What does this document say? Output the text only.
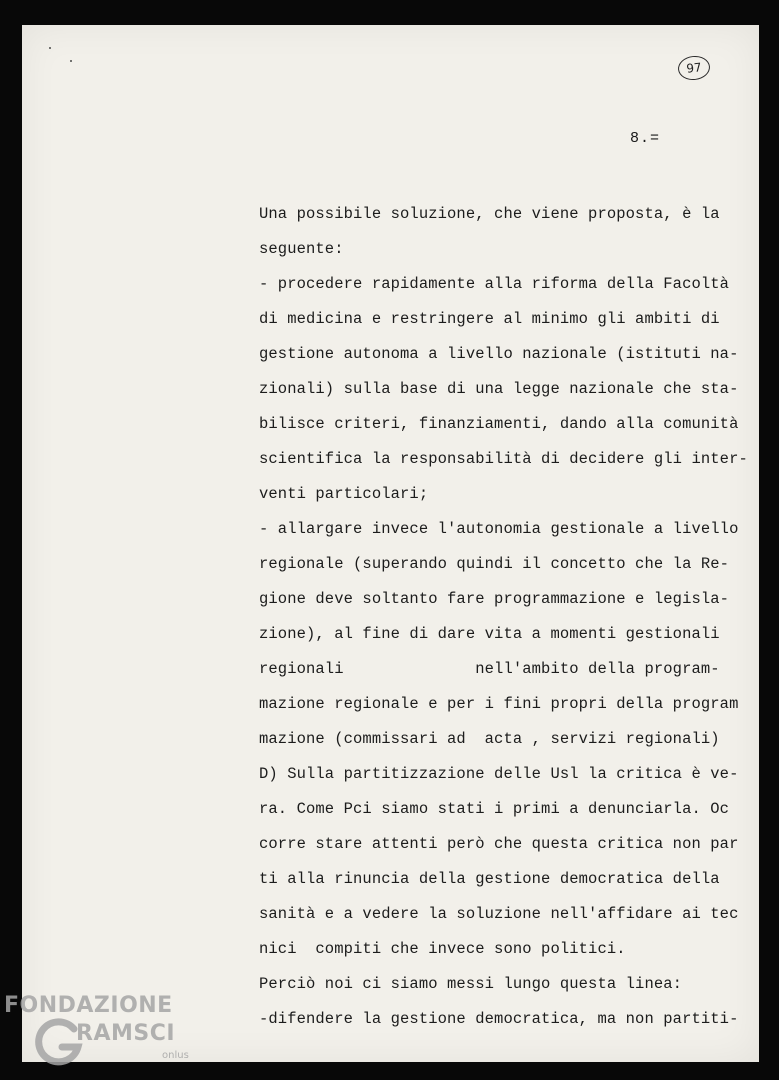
97
8.=
Una possibile soluzione, che viene proposta, è la
seguente:
- procedere rapidamente alla riforma della Facoltà
di medicina e restringere al minimo gli ambiti di
gestione autonoma a livello nazionale (istituti na-
zionali) sulla base di una legge nazionale che sta-
bilisce criteri, finanziamenti, dando alla comunità
scientifica la responsabilità di decidere gli inter-
venti particolari;
- allargare invece l'autonomia gestionale a livello
regionale (superando quindi il concetto che la Re-
gione deve soltanto fare programmazione e legisla-
zione), al fine di dare vita a momenti gestionali
regionali              nell'ambito della program-
mazione regionale e per i fini propri della program
mazione (commissari ad  acta , servizi regionali)
D) Sulla partitizzazione delle Usl la critica è ve-
ra. Come Pci siamo stati i primi a denunciarla. Oc
corre stare attenti però che questa critica non par
ti alla rinuncia della gestione democratica della
sanità e a vedere la soluzione nell'affidare ai tec
nici  compiti che invece sono politici.
Perciò noi ci siamo messi lungo questa linea:
-difendere la gestione democratica, ma non partiti-
FONDAZIONE
RAMSCI
onlus
